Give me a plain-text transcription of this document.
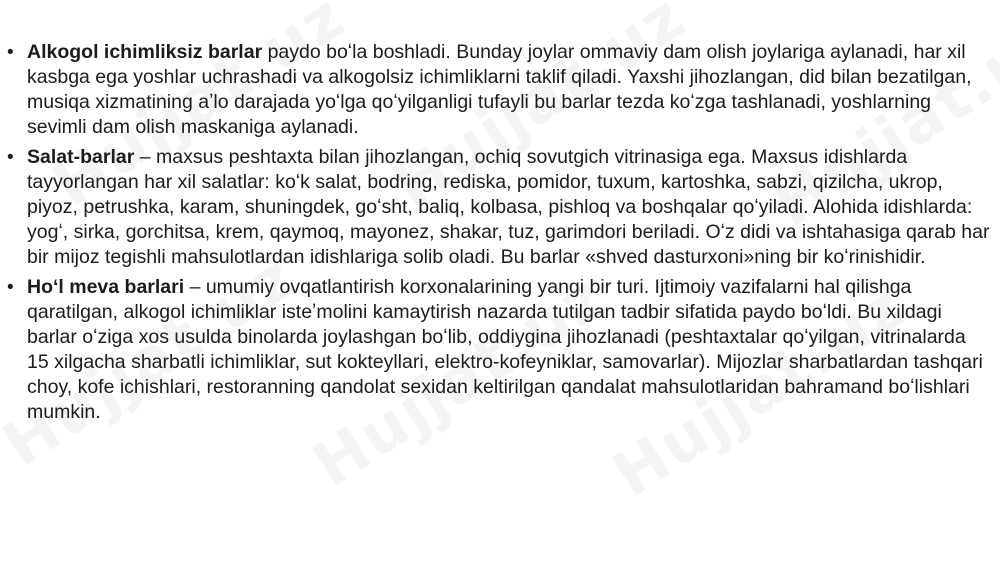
• Alkogol ichimliksiz barlar paydo boʻla boshladi. Bunday joylar ommaviy dam olish joylariga aylanadi, har xil kasbga ega yoshlar uchrashadi va alkogolsiz ichimliklarni taklif qiladi. Yaxshi jihozlangan, did bilan bezatilgan, musiqa xizmatining aʼlo darajada yoʻlga qoʻyilganligi tufayli bu barlar tezda koʻzga tashlanadi, yoshlarning sevimli dam olish maskaniga aylanadi.
• Salat-barlar – maxsus peshtaxta bilan jihozlangan, ochiq sovutgich vitrinasiga ega. Maxsus idishlarda tayyorlangan har xil salatlar: koʻk salat, bodring, rediska, pomidor, tuxum, kartoshka, sabzi, qizilcha, ukrop, piyoz, petrushka, karam, shuningdek, goʻsht, baliq, kolbasa, pishloq va boshqalar qoʻyiladi. Alohida idishlarda: yogʻ, sirka, gorchitsa, krem, qaymoq, mayonez, shakar, tuz, garimdori beriladi. Oʻz didi va ishtahasiga qarab har bir mijoz tegishli mahsulotlardan idishlariga solib oladi. Bu barlar «shved dasturxoni»ning bir koʻrinishidir.
• Hoʻl meva barlari – umumiy ovqatlantirish korxonalarining yangi bir turi. Ijtimoiy vazifalarni hal qilishga qaratilgan, alkogol ichimliklar isteʼmolini kamaytirish nazarda tutilgan tadbir sifatida paydo boʻldi. Bu xildagi barlar oʻziga xos usulda binolarda joylashgan boʻlib, oddiygina jihozlanadi (peshtaxtalar qoʻyilgan, vitrinalarda 15 xilgacha sharbatli ichimliklar, sut kokteyllari, elektro-kofeyniklar, samovarlar). Mijozlar sharbatlardan tashqari choy, kofe ichishlari, restoranning qandolat sexidan keltirilgan qandalat mahsulotlaridan bahramand boʻlishlari mumkin.
